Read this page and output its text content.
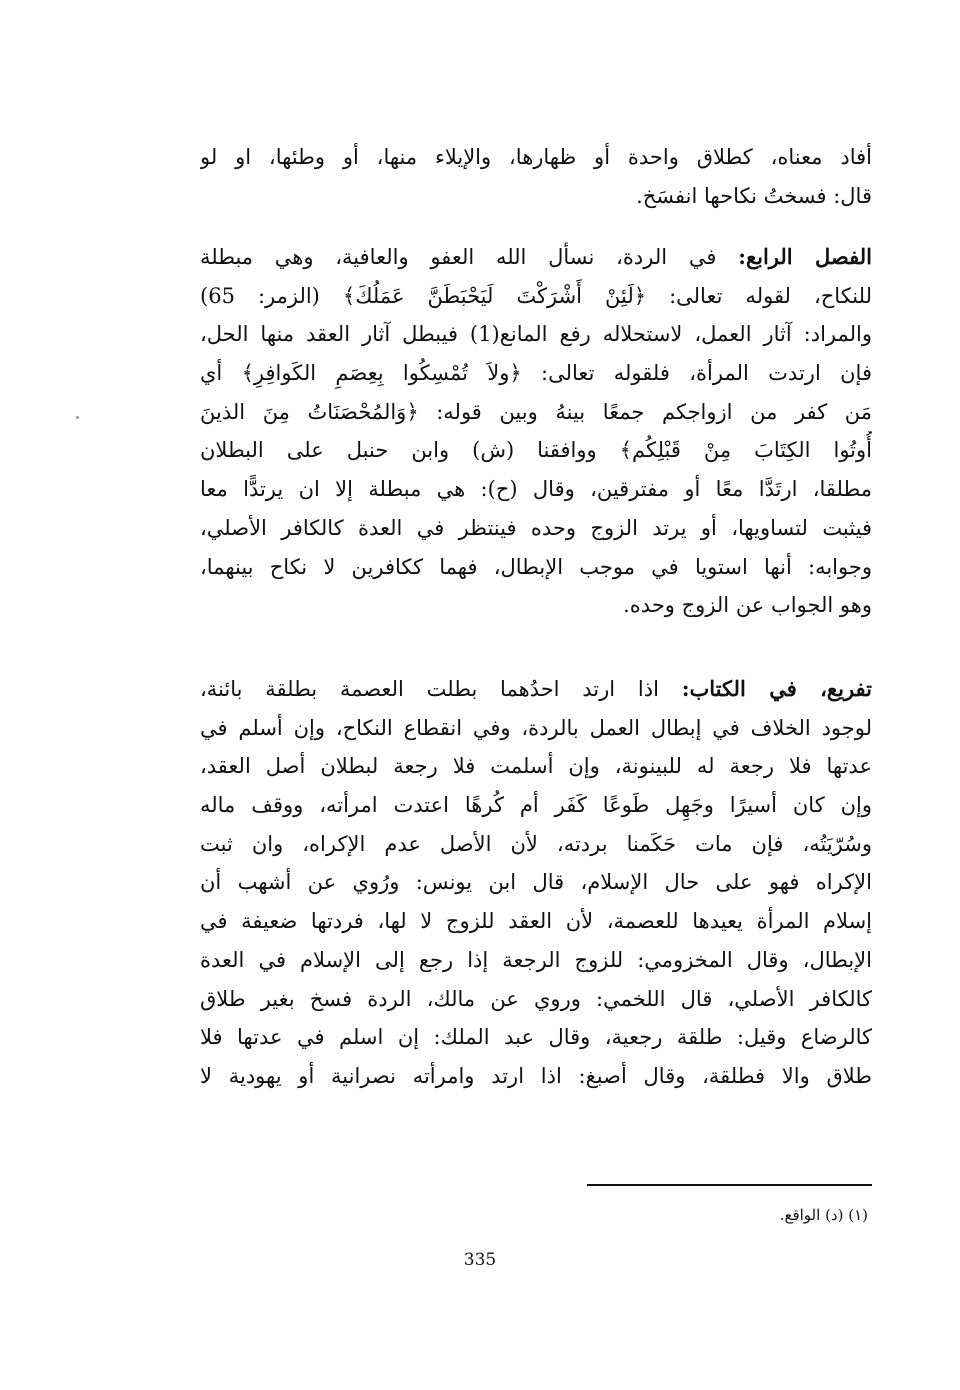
أفاد معناه، كطلاق واحدة أو ظهارها، والإيلاء منها، أو وطئها، او لو
قال: فسختُ نكاحها انفسَخ.
الفصل الرابع: في الردة، نسأل الله العفو والعافية، وهي مبطلة
للنكاح، لقوله تعالى: ﴿لَئِنْ أَشْرَكْتَ لَيَحْبَطَنَّ عَمَلُكَ﴾ (الزمر: 65)
والمراد: آثار العمل، لاستحلاله رفع المانع(1) فيبطل آثار العقد منها الحل،
فإن ارتدت المرأة، فلقوله تعالى: ﴿ولاَ تُمْسِكُوا بِعِصَمِ الكَوافِرِ﴾ أي
مَن كفر من ازواجكم جمعًا بينهُ وبين قوله: ﴿وَالمُحْصَنَاتُ مِنَ الذينَ
أُوتُوا الكِتَابَ مِنْ قَبْلِكُم﴾ ووافقنا (ش) وابن حنبل على البطلان
مطلقا، ارتَدَّا معًا أو مفترقين، وقال (ح): هي مبطلة إلا ان يرتدًّا معا
فيثبت لتساويها، أو يرتد الزوج وحده فينتظر في العدة كالكافر الأصلي،
وجوابه: أنها استويا في موجب الإبطال، فهما ككافرين لا نكاح بينهما،
وهو الجواب عن الزوج وحده.
تفريع، في الكتاب: اذا ارتد احدُهما بطلت العصمة بطلقة بائنة،
لوجود الخلاف في إبطال العمل بالردة، وفي انقطاع النكاح، وإن أسلم في
عدتها فلا رجعة له للبينونة، وإن أسلمت فلا رجعة لبطلان أصل العقد،
وإن كان أسيرًا وجَهِل طَوعًا كَفَر أم كُرهًا اعتدت امرأته، ووقف ماله
وسُرّيَتُه، فإن مات حَكَمنا بردته، لأن الأصل عدم الإكراه، وان ثبت
الإكراه فهو على حال الإسلام، قال ابن يونس: ورُوي عن أشهب أن
إسلام المرأة يعيدها للعصمة، لأن العقد للزوج لا لها، فردتها ضعيفة في
الإبطال، وقال المخزومي: للزوج الرجعة إذا رجع إلى الإسلام في العدة
كالكافر الأصلي، قال اللخمي: وروي عن مالك، الردة فسخ بغير طلاق
كالرضاع وقيل: طلقة رجعية، وقال عبد الملك: إن اسلم في عدتها فلا
طلاق والا فطلقة، وقال أصبغ: اذا ارتد وامرأته نصرانية أو يهودية لا
(١) (د) الواقع.
335
